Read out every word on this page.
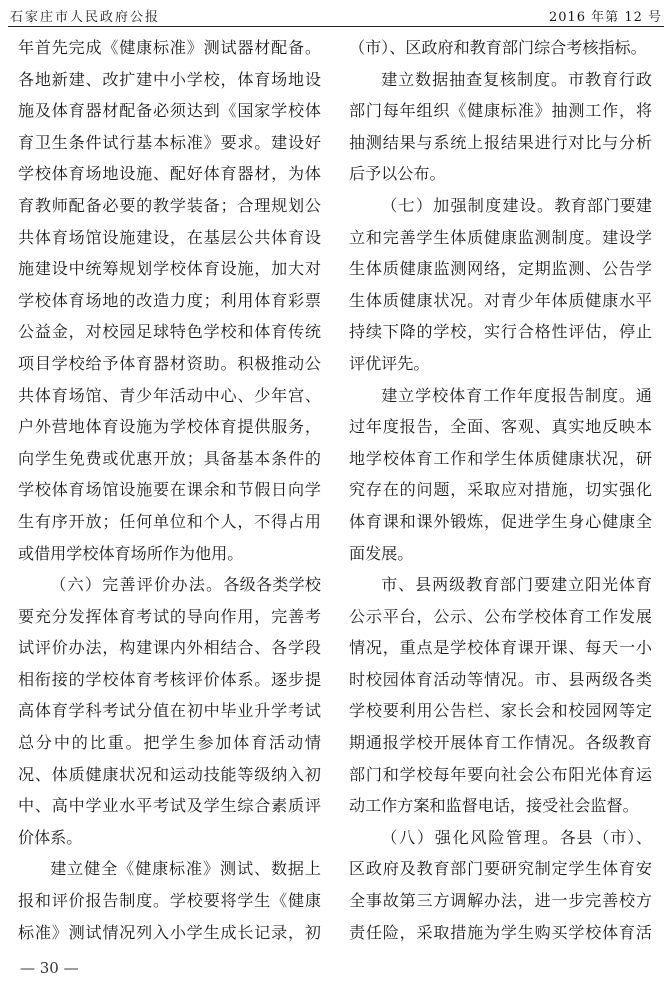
石家庄市人民政府公报	2016 年第 12 号

年首先完成《健康标准》测试器材配备。各地新建、改扩建中小学校，体育场地设施及体育器材配备必须达到《国家学校体育卫生条件试行基本标准》要求。建设好学校体育场地设施、配好体育器材，为体育教师配备必要的教学装备；合理规划公共体育场馆设施建设，在基层公共体育设施建设中统筹规划学校体育设施，加大对学校体育场地的改造力度；利用体育彩票公益金，对校园足球特色学校和体育传统项目学校给予体育器材资助。积极推动公共体育场馆、青少年活动中心、少年宫、户外营地体育设施为学校体育提供服务，向学生免费或优惠开放；具备基本条件的学校体育场馆设施要在课余和节假日向学生有序开放；任何单位和个人，不得占用或借用学校体育场所作为他用。

（六）完善评价办法。各级各类学校要充分发挥体育考试的导向作用，完善考试评价办法，构建课内外相结合、各学段相衔接的学校体育考核评价体系。逐步提高体育学科考试分值在初中毕业升学考试总分中的比重。把学生参加体育活动情况、体质健康状况和运动技能等级纳入初中、高中学业水平考试及学生综合素质评价体系。

建立健全《健康标准》测试、数据上报和评价报告制度。学校要将学生《健康标准》测试情况列入小学生成长记录，初

（市）、区政府和教育部门综合考核指标。

建立数据抽查复核制度。市教育行政部门每年组织《健康标准》抽测工作，将抽测结果与系统上报结果进行对比与分析后予以公布。

（七）加强制度建设。教育部门要建立和完善学生体质健康监测制度。建设学生体质健康监测网络，定期监测、公告学生体质健康状况。对青少年体质健康水平持续下降的学校，实行合格性评估，停止评优评先。

建立学校体育工作年度报告制度。通过年度报告，全面、客观、真实地反映本地学校体育工作和学生体质健康状况，研究存在的问题，采取应对措施，切实强化体育课和课外锻炼，促进学生身心健康全面发展。

市、县两级教育部门要建立阳光体育公示平台，公示、公布学校体育工作发展情况，重点是学校体育课开课、每天一小时校园体育活动等情况。市、县两级各类学校要利用公告栏、家长会和校园网等定期通报学校开展体育工作情况。各级教育部门和学校每年要向社会公布阳光体育运动工作方案和监督电话，接受社会监督。

（八）强化风险管理。各县（市）、区政府及教育部门要研究制定学生体育安全事故第三方调解办法，进一步完善校方责任险，采取措施为学生购买学校体育活

— 30 —
